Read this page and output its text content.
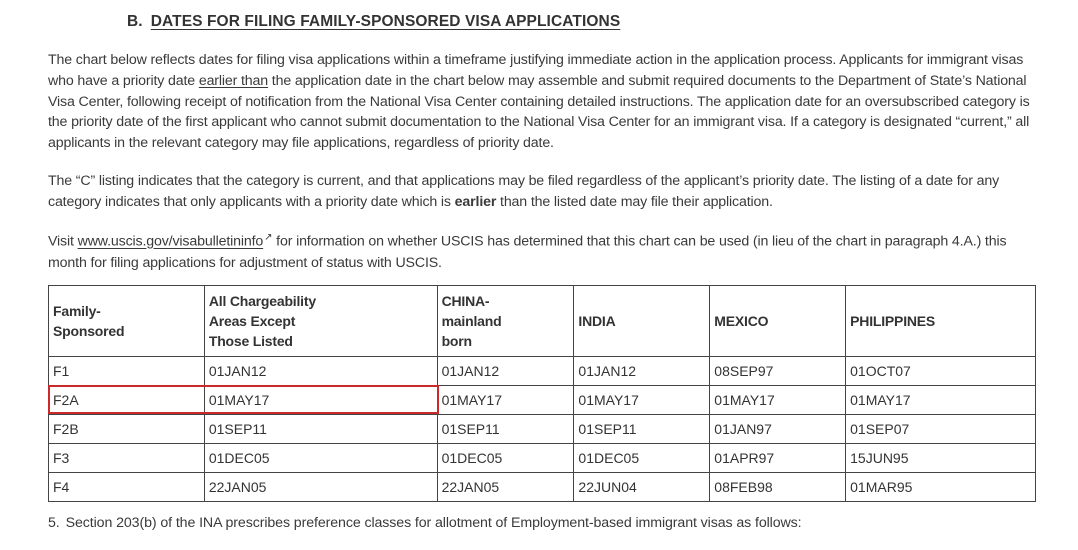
B. DATES FOR FILING FAMILY-SPONSORED VISA APPLICATIONS
The chart below reflects dates for filing visa applications within a timeframe justifying immediate action in the application process. Applicants for immigrant visas who have a priority date earlier than the application date in the chart below may assemble and submit required documents to the Department of State’s National Visa Center, following receipt of notification from the National Visa Center containing detailed instructions. The application date for an oversubscribed category is the priority date of the first applicant who cannot submit documentation to the National Visa Center for an immigrant visa. If a category is designated “current,” all applicants in the relevant category may file applications, regardless of priority date.
The “C” listing indicates that the category is current, and that applications may be filed regardless of the applicant’s priority date. The listing of a date for any category indicates that only applicants with a priority date which is earlier than the listed date may file their application.
Visit www.uscis.gov/visabulletininfo↗ for information on whether USCIS has determined that this chart can be used (in lieu of the chart in paragraph 4.A.) this month for filing applications for adjustment of status with USCIS.
Family-
Sponsored	All Chargeability
Areas Except
Those Listed	CHINA-
mainland
born	INDIA	MEXICO	PHILIPPINES
F1	01JAN12	01JAN12	01JAN12	08SEP97	01OCT07
F2A	01MAY17	01MAY17	01MAY17	01MAY17	01MAY17
F2B	01SEP11	01SEP11	01SEP11	01JAN97	01SEP07
F3	01DEC05	01DEC05	01DEC05	01APR97	15JUN95
F4	22JAN05	22JAN05	22JUN04	08FEB98	01MAR95
5. Section 203(b) of the INA prescribes preference classes for allotment of Employment-based immigrant visas as follows:
